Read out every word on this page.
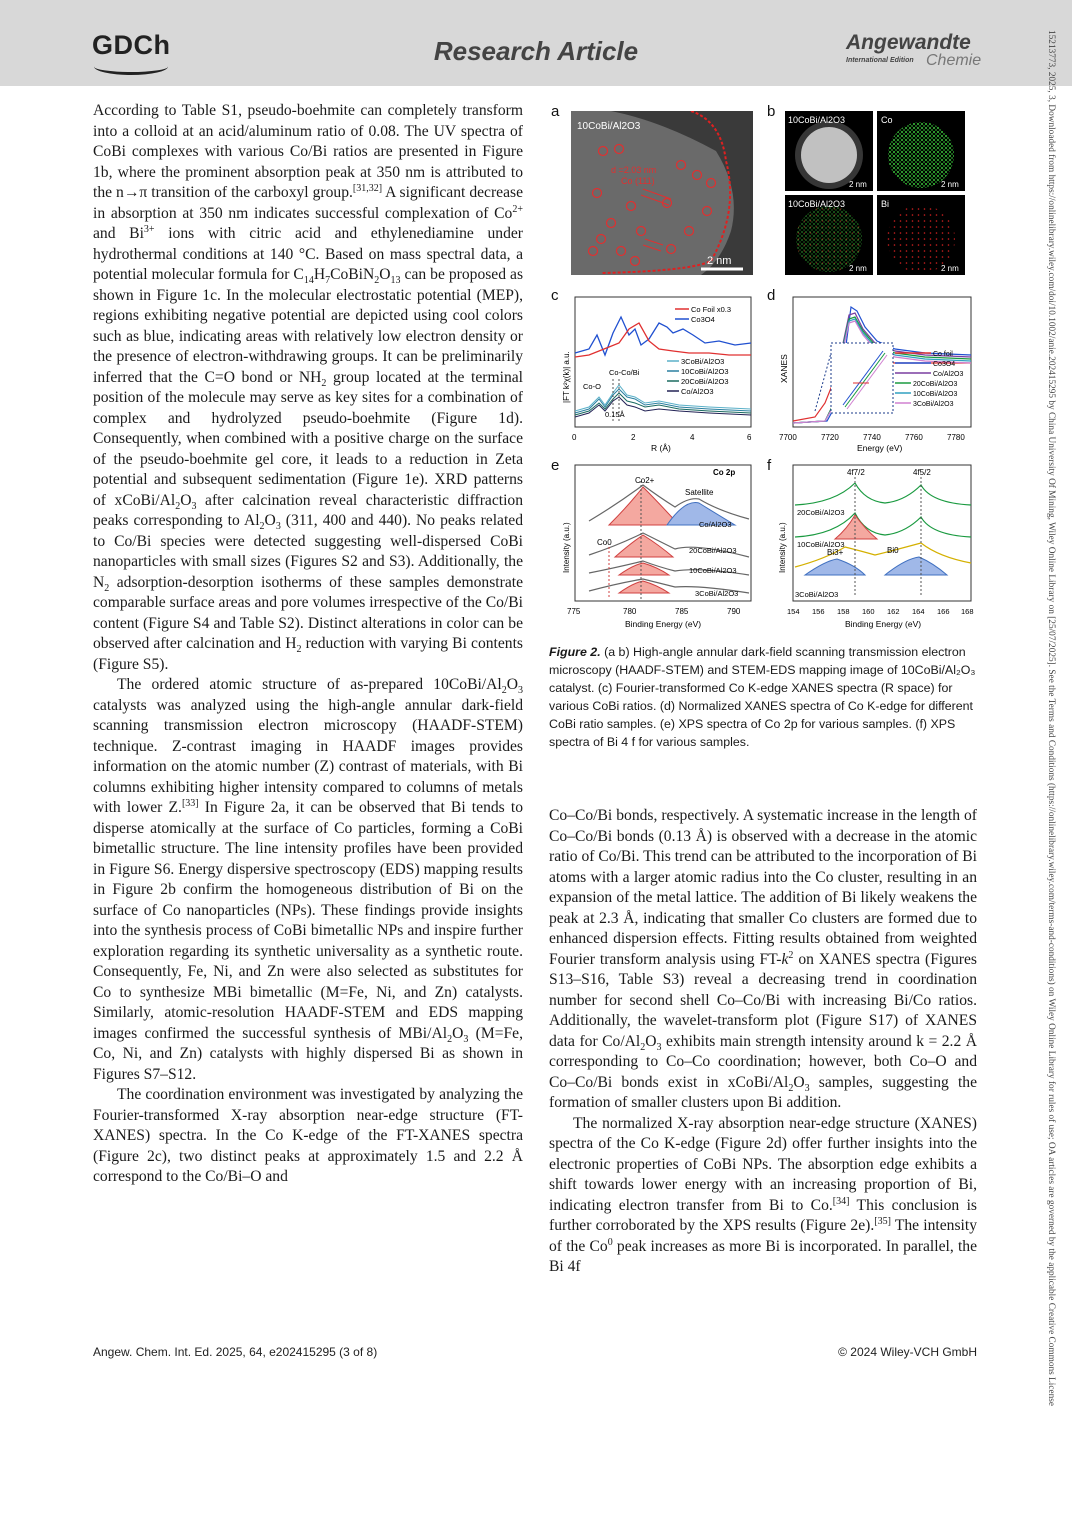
GDCh	Research Article	Angewandte
International Edition Chemie	15213773, 2025, 3, Downloaded from https://onlinelibrary.wiley.com/doi/10.1002/anie.202415295 by China University Of Mining, Wiley Online Library on [25/07/2025]. See the Terms and Conditions (https://onlinelibrary.wiley.com/terms-and-conditions) on Wiley Online Library for rules of use; OA articles are governed by the applicable Creative Commons License

According to Table S1, pseudo-boehmite can completely transform into a colloid at an acid/aluminum ratio of 0.08. The UV spectra of CoBi complexes with various Co/Bi ratios are presented in Figure 1b, where the prominent absorption peak at 350 nm is attributed to the n→π transition of the carboxyl group.[31,32] A significant decrease in absorption at 350 nm indicates successful complexation of $Co^{2+}$ and $Bi^{3+}$ ions with citric acid and ethylenediamine under hydrothermal conditions at 140 °C. Based on mass spectral data, a potential molecular formula for $C_{14}H_7CoBiN_2O_{13}$ can be proposed as shown in Figure 1c. In the molecular electrostatic potential (MEP), regions exhibiting negative potential are depicted using cool colors such as blue, indicating areas with relatively low electron density or the presence of electron-withdrawing groups. It can be preliminarily inferred that the C=O bond or $NH_2$ group located at the terminal position of the molecule may serve as key sites for a combination of complex and hydrolyzed pseudo-boehmite (Figure 1d). Consequently, when combined with a positive charge on the surface of the pseudo-boehmite gel core, it leads to a reduction in Zeta potential and subsequent sedimentation (Figure 1e). XRD patterns of xCoBi/$Al_2O_3$ after calcination reveal characteristic diffraction peaks corresponding to $Al_2O_3$ (311, 400 and 440). No peaks related to Co/Bi species were detected suggesting well-dispersed CoBi nanoparticles with small sizes (Figures S2 and S3). Additionally, the $N_2$ adsorption-desorption isotherms of these samples demonstrate comparable surface areas and pore volumes irrespective of the Co/Bi content (Figure S4 and Table S2). Distinct alterations in color can be observed after calcination and $H_2$ reduction with varying Bi contents (Figure S5).

The ordered atomic structure of as-prepared $10CoBi/Al_2O_3$ catalysts was analyzed using the high-angle annular dark-field scanning transmission electron microscopy (HAADF-STEM) technique. Z-contrast imaging in HAADF images provides information on the atomic number (Z) contrast of materials, with Bi columns exhibiting higher intensity compared to columns of metals with lower Z.[33] In Figure 2a, it can be observed that Bi tends to disperse atomically at the surface of Co particles, forming a CoBi bimetallic structure. The line intensity profiles have been provided in Figure S6. Energy dispersive spectroscopy (EDS) mapping results in Figure 2b confirm the homogeneous distribution of Bi on the surface of Co nanoparticles (NPs). These findings provide insights into the synthesis process of CoBi bimetallic NPs and inspire further exploration regarding its synthetic universality as a synthetic route. Consequently, Fe, Ni, and Zn were also selected as substitutes for Co to synthesize MBi bimetallic (M=Fe, Ni, and Zn) catalysts. Similarly, atomic-resolution HAADF-STEM and EDS mapping images confirmed the successful synthesis of MBi/$Al_2O_3$ (M=Fe, Co, Ni, and Zn) catalysts with highly dispersed Bi as shown in Figures S7–S12.

The coordination environment was investigated by analyzing the Fourier-transformed X-ray absorption near-edge structure (FT-XANES) spectra. In the Co K-edge of the FT-XANES spectra (Figure 2c), two distinct peaks at approximately 1.5 and 2.2 Å correspond to the Co/Bi–O and

a
10CoBi/Al2O3
d =2.03 nm
Co (111)
2 nm
b 10CoBi/Al2O3	Co
10CoBi/Al2O3	Bi
2 nm	2 nm
2 nm	2 nm
c
Co Foil x0.3
Co3O4
3CoBi/Al2O3
10CoBi/Al2O3
20CoBi/Al2O3
Co/Al2O3
Co-Co/Bi
Co-O
0.15Å
0	2	4	6
R (Å)
|FT k²χ(k)| a.u.
d
Co foil
Co3O4
Co/Al2O3
20CoBi/Al2O3
10CoBi/Al2O3
3CoBi/Al2O3
7700	7720	7740	7760	7780
Energy (eV)
XANES
e	Co 2p
Co2+
Satellite
Co0
Co/Al2O3
20CoBi/Al2O3
10CoBi/Al2O3
3CoBi/Al2O3
775	780	785	790
Binding Energy (eV)
Intensity (a.u.)
f	4f7/2	4f5/2
Bi3+	Bi0
20CoBi/Al2O3
10CoBi/Al2O3
3CoBi/Al2O3
154 156 158 160 162 164 166 168
Binding Energy (eV)
Intensity (a.u.)
Figure 2. (a b) High-angle annular dark-field scanning transmission electron microscopy (HAADF-STEM) and STEM-EDS mapping image of 10CoBi/Al₂O₃ catalyst. (c) Fourier-transformed Co K-edge XANES spectra (R space) for various CoBi ratios. (d) Normalized XANES spectra of Co K-edge for different CoBi ratio samples. (e) XPS spectra of Co 2p for various samples. (f) XPS spectra of Bi 4 f for various samples.

Co–Co/Bi bonds, respectively. A systematic increase in the length of Co–Co/Bi bonds (0.13 Å) is observed with a decrease in the atomic ratio of Co/Bi. This trend can be attributed to the incorporation of Bi atoms with a larger atomic radius into the Co cluster, resulting in an expansion of the metal lattice. The addition of Bi likely weakens the peak at 2.3 Å, indicating that smaller Co clusters are formed due to enhanced dispersion effects. Fitting results obtained from weighted Fourier transform analysis using $FT-k^2$ on XANES spectra (Figures S13–S16, Table S3) reveal a decreasing trend in coordination number for second shell Co–Co/Bi with increasing Bi/Co ratios. Additionally, the wavelet-transform plot (Figure S17) of XANES data for $Co/Al_2O_3$ exhibits main strength intensity around k = 2.2 Å corresponding to Co–Co coordination; however, both Co–O and Co–Co/Bi bonds exist in xCoBi/$Al_2O_3$ samples, suggesting the formation of smaller clusters upon Bi addition.

The normalized X-ray absorption near-edge structure (XANES) spectra of the Co K-edge (Figure 2d) offer further insights into the electronic properties of CoBi NPs. The absorption edge exhibits a shift towards lower energy with an increasing proportion of Bi, indicating electron transfer from Bi to Co.[34] This conclusion is further corroborated by the XPS results (Figure 2e).[35] The intensity of the Co$^0$ peak increases as more Bi is incorporated. In parallel, the Bi 4f

Angew. Chem. Int. Ed. 2025, 64, e202415295 (3 of 8)	© 2024 Wiley-VCH GmbH
